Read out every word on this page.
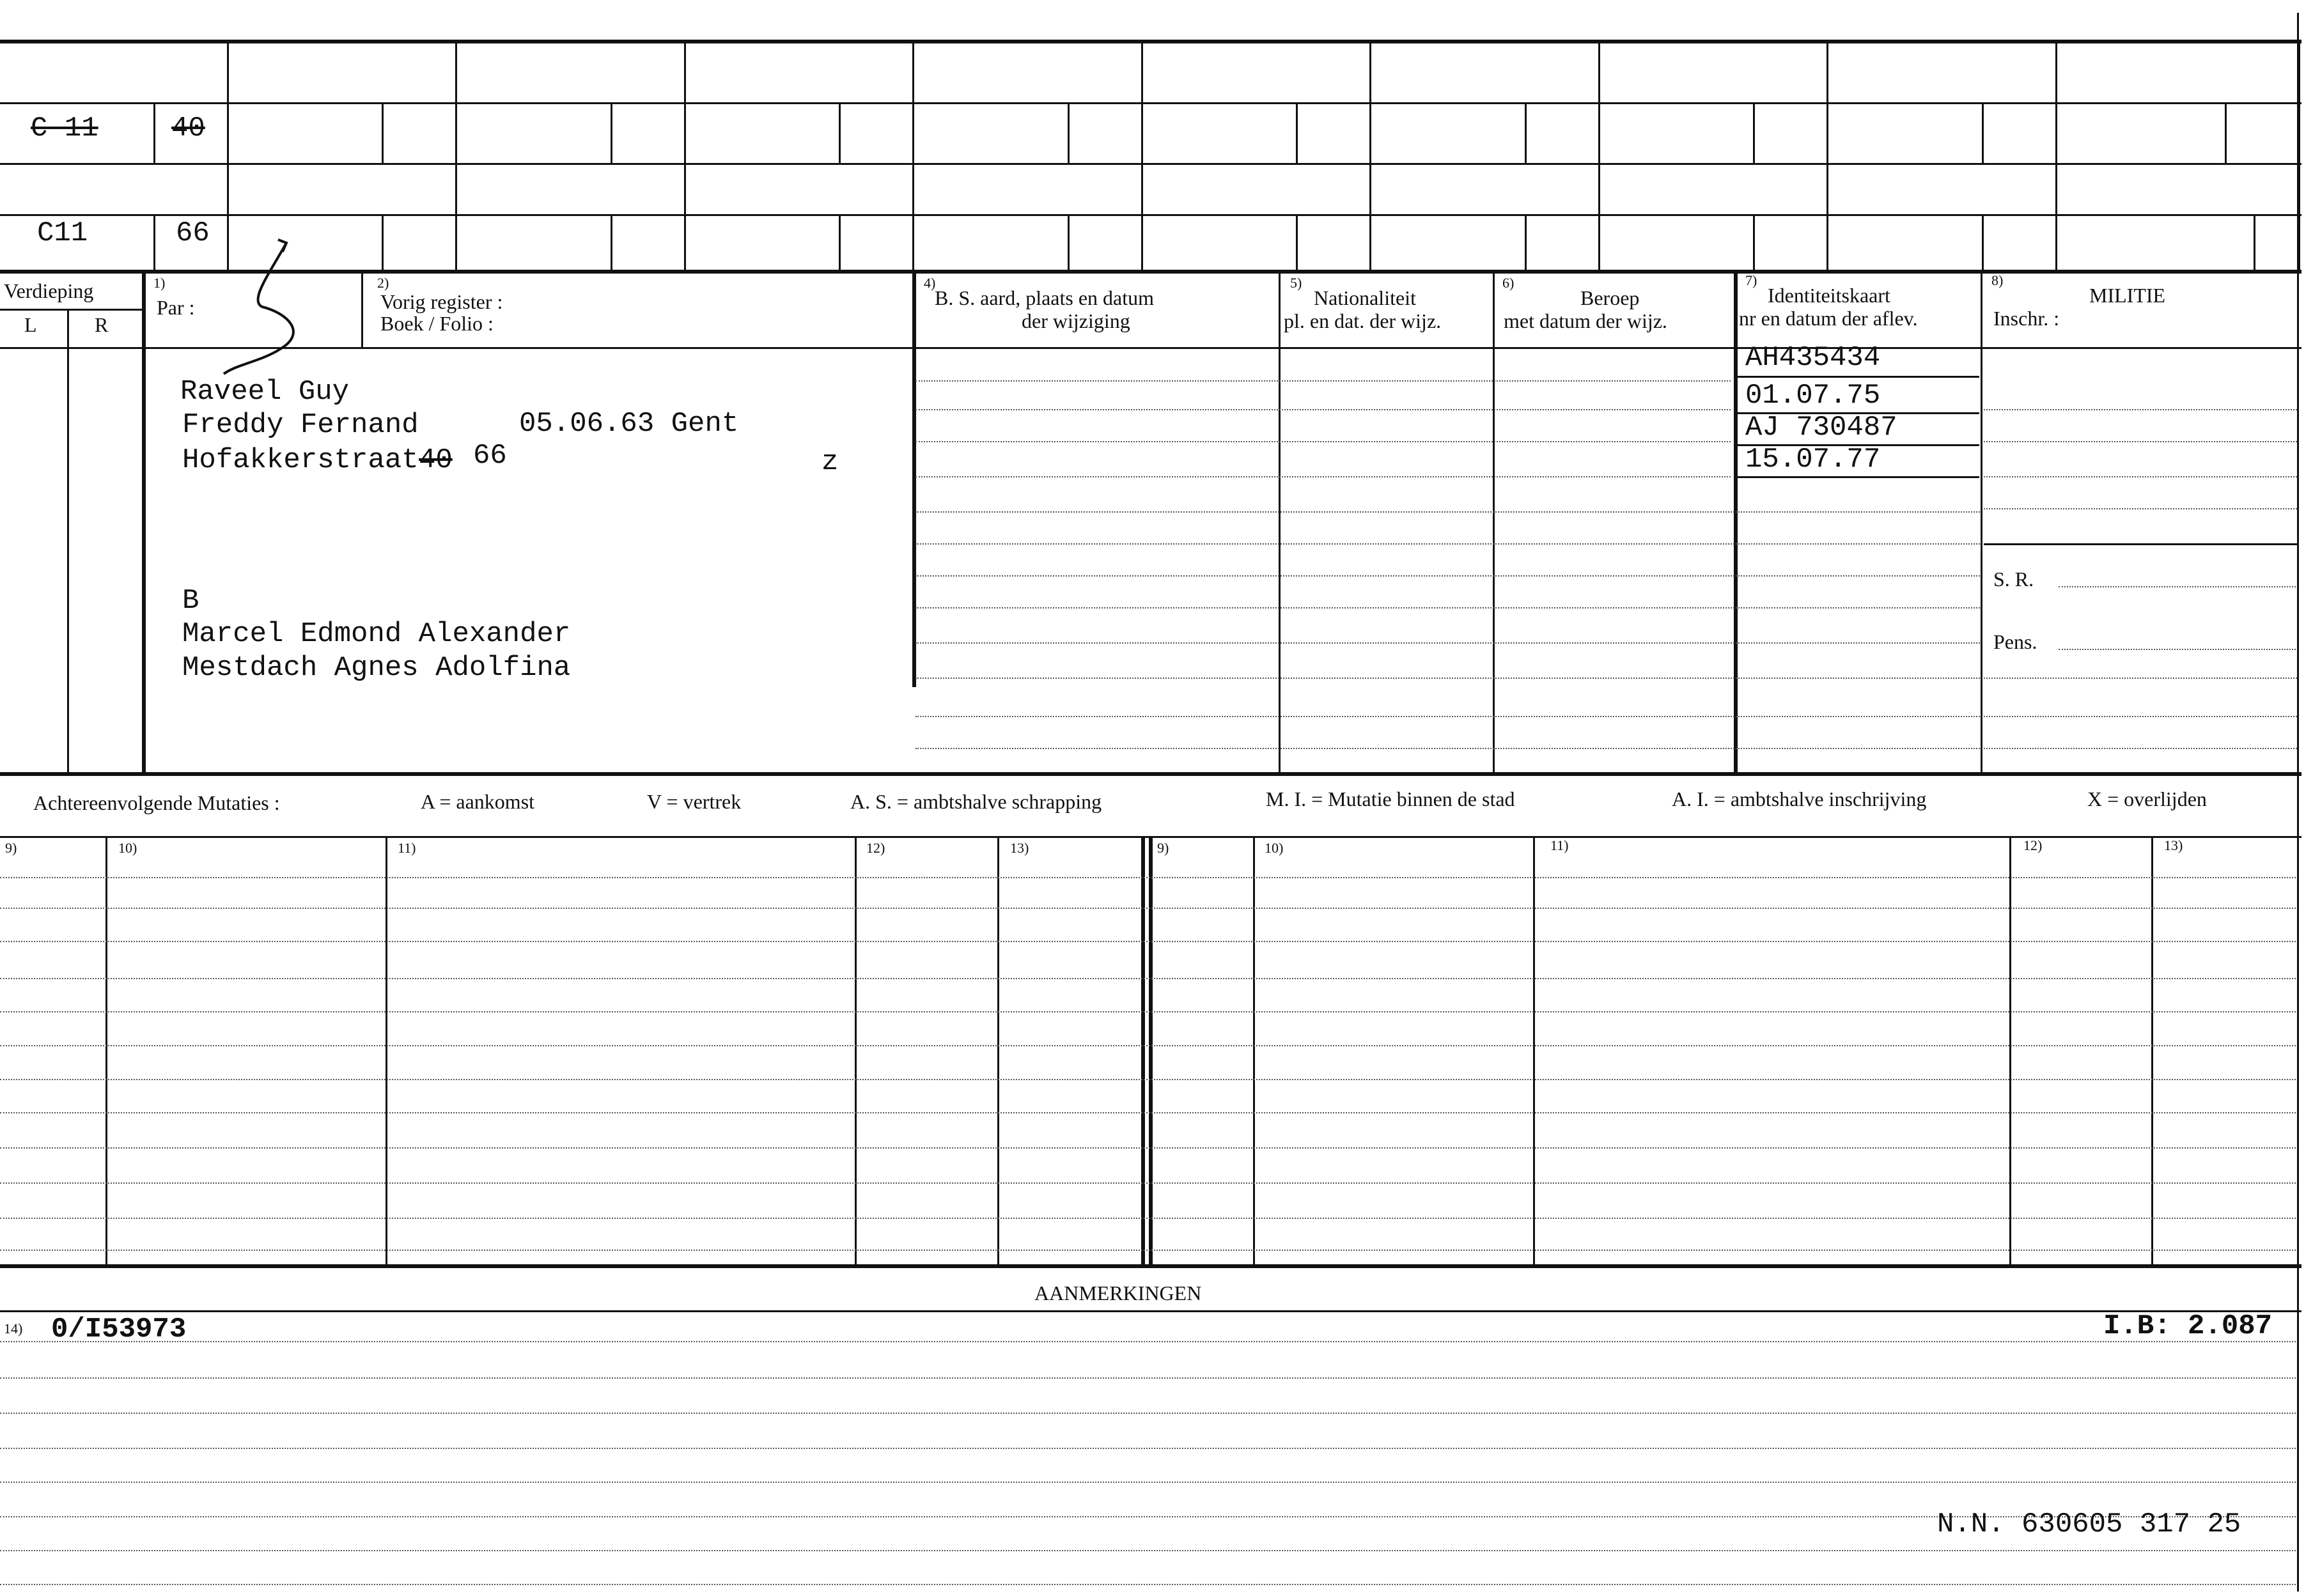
C 11	40
C11	66
Verdieping
L	R
1)
Par :
2)
Vorig register :
Boek / Folio :
4)
B. S. aard, plaats en datum
der wijziging
5)
Nationaliteit
pl. en dat. der wijz.
6)
Beroep
met datum der wijz.
7)
Identiteitskaart
nr en datum der aflev.
8)
MILITIE
Inschr. :
S. R.
Pens.
Raveel Guy
Freddy Fernand	05.06.63 Gent
Hofakkerstraat 40 66	z
B
Marcel Edmond Alexander
Mestdach Agnes Adolfina
AH435434
01.07.75
AJ 730487
15.07.77
Achtereenvolgende Mutaties :	A = aankomst	V = vertrek	A. S. = ambtshalve schrapping	M. I. = Mutatie binnen de stad	A. I. = ambtshalve inschrijving	X = overlijden
9)	10)	11)	12)	13)	9)	10)	11)	12)	13)
AANMERKINGEN
14) 0/I53973	I.B: 2.087
N.N. 630605 317 25
